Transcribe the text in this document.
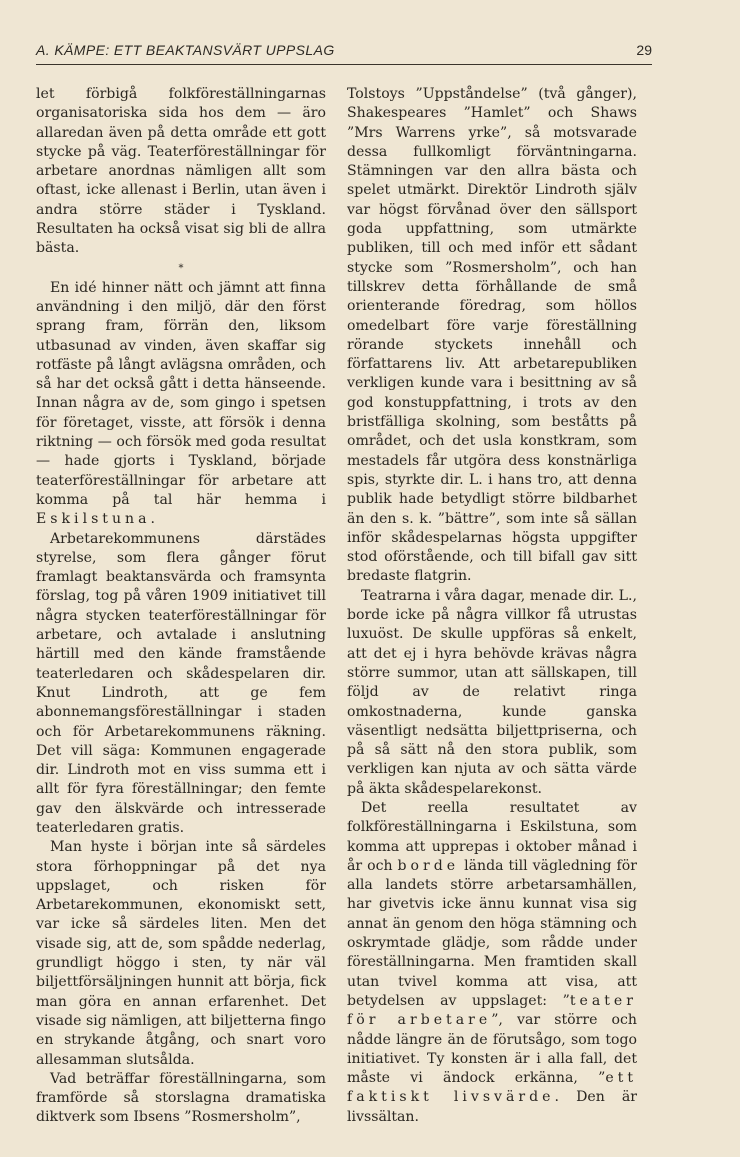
A. KÄMPE: ETT BEAKTANSVÄRT UPPSLAG	29

let förbigå folkföreställningarnas organisatoriska sida hos dem — äro allaredan även på detta område ett gott stycke på väg. Teaterföreställningar för arbetare anordnas nämligen allt som oftast, icke allenast i Berlin, utan även i andra större städer i Tyskland. Resultaten ha också visat sig bli de allra bästa.

*

En idé hinner nätt och jämnt att finna användning i den miljö, där den först sprang fram, förrän den, liksom utbasunad av vinden, även skaffar sig rotfäste på långt avlägsna områden, och så har det också gått i detta hänseende. Innan några av de, som gingo i spetsen för företaget, visste, att försök i denna riktning — och försök med goda resultat — hade gjorts i Tyskland, började teaterföreställningar för arbetare att komma på tal här hemma i Eskilstuna.

Arbetarekommunens därstädes styrelse, som flera gånger förut framlagt beaktansvärda och framsynta förslag, tog på våren 1909 initiativet till några stycken teaterföreställningar för arbetare, och avtalade i anslutning härtill med den kände framstående teaterledaren och skådespelaren dir. Knut Lindroth, att ge fem abonnemangsföreställningar i staden och för Arbetarekommunens räkning. Det vill säga: Kommunen engagerade dir. Lindroth mot en viss summa ett i allt för fyra föreställningar; den femte gav den älskvärde och intresserade teaterledaren gratis.

Man hyste i början inte så särdeles stora förhoppningar på det nya uppslaget, och risken för Arbetarekommunen, ekonomiskt sett, var icke så särdeles liten. Men det visade sig, att de, som spådde nederlag, grundligt höggo i sten, ty när väl biljettförsäljningen hunnit att börja, fick man göra en annan erfarenhet. Det visade sig nämligen, att biljetterna fingo en strykande åtgång, och snart voro allesamman slutsålda.

Vad beträffar föreställningarna, som framförde så storslagna dramatiska diktverk som Ibsens ”Rosmersholm”,

Tolstoys ”Uppståndelse” (två gånger), Shakespeares ”Hamlet” och Shaws ”Mrs Warrens yrke”, så motsvarade dessa fullkomligt förväntningarna. Stämningen var den allra bästa och spelet utmärkt. Direktör Lindroth själv var högst förvånad över den sällsport goda uppfattning, som utmärkte publiken, till och med inför ett sådant stycke som ”Rosmersholm”, och han tillskrev detta förhållande de små orienterande föredrag, som höllos omedelbart före varje föreställning rörande styckets innehåll och författarens liv. Att arbetarepubliken verkligen kunde vara i besittning av så god konstuppfattning, i trots av den bristfälliga skolning, som beståtts på området, och det usla konstkram, som mestadels får utgöra dess konstnärliga spis, styrkte dir. L. i hans tro, att denna publik hade betydligt större bildbarhet än den s. k. ”bättre”, som inte så sällan inför skådespelarnas högsta uppgifter stod oförstående, och till bifall gav sitt bredaste flatgrin.

Teatrarna i våra dagar, menade dir. L., borde icke på några villkor få utrustas luxuöst. De skulle uppföras så enkelt, att det ej i hyra behövde krävas några större summor, utan att sällskapen, till följd av de relativt ringa omkostnaderna, kunde ganska väsentligt nedsätta biljettpriserna, och på så sätt nå den stora publik, som verkligen kan njuta av och sätta värde på äkta skådespelarekonst.

Det reella resultatet av folkföreställningarna i Eskilstuna, som komma att upprepas i oktober månad i år och borde lända till vägledning för alla landets större arbetarsamhällen, har givetvis icke ännu kunnat visa sig annat än genom den höga stämning och oskrymtade glädje, som rådde under föreställningarna. Men framtiden skall utan tvivel komma att visa, att betydelsen av uppslaget: ”teater för arbetare”, var större och nådde längre än de förutsågo, som togo initiativet. Ty konsten är i alla fall, det måste vi ändock erkänna, ”ett faktiskt livsvärde. Den är livssältan.
